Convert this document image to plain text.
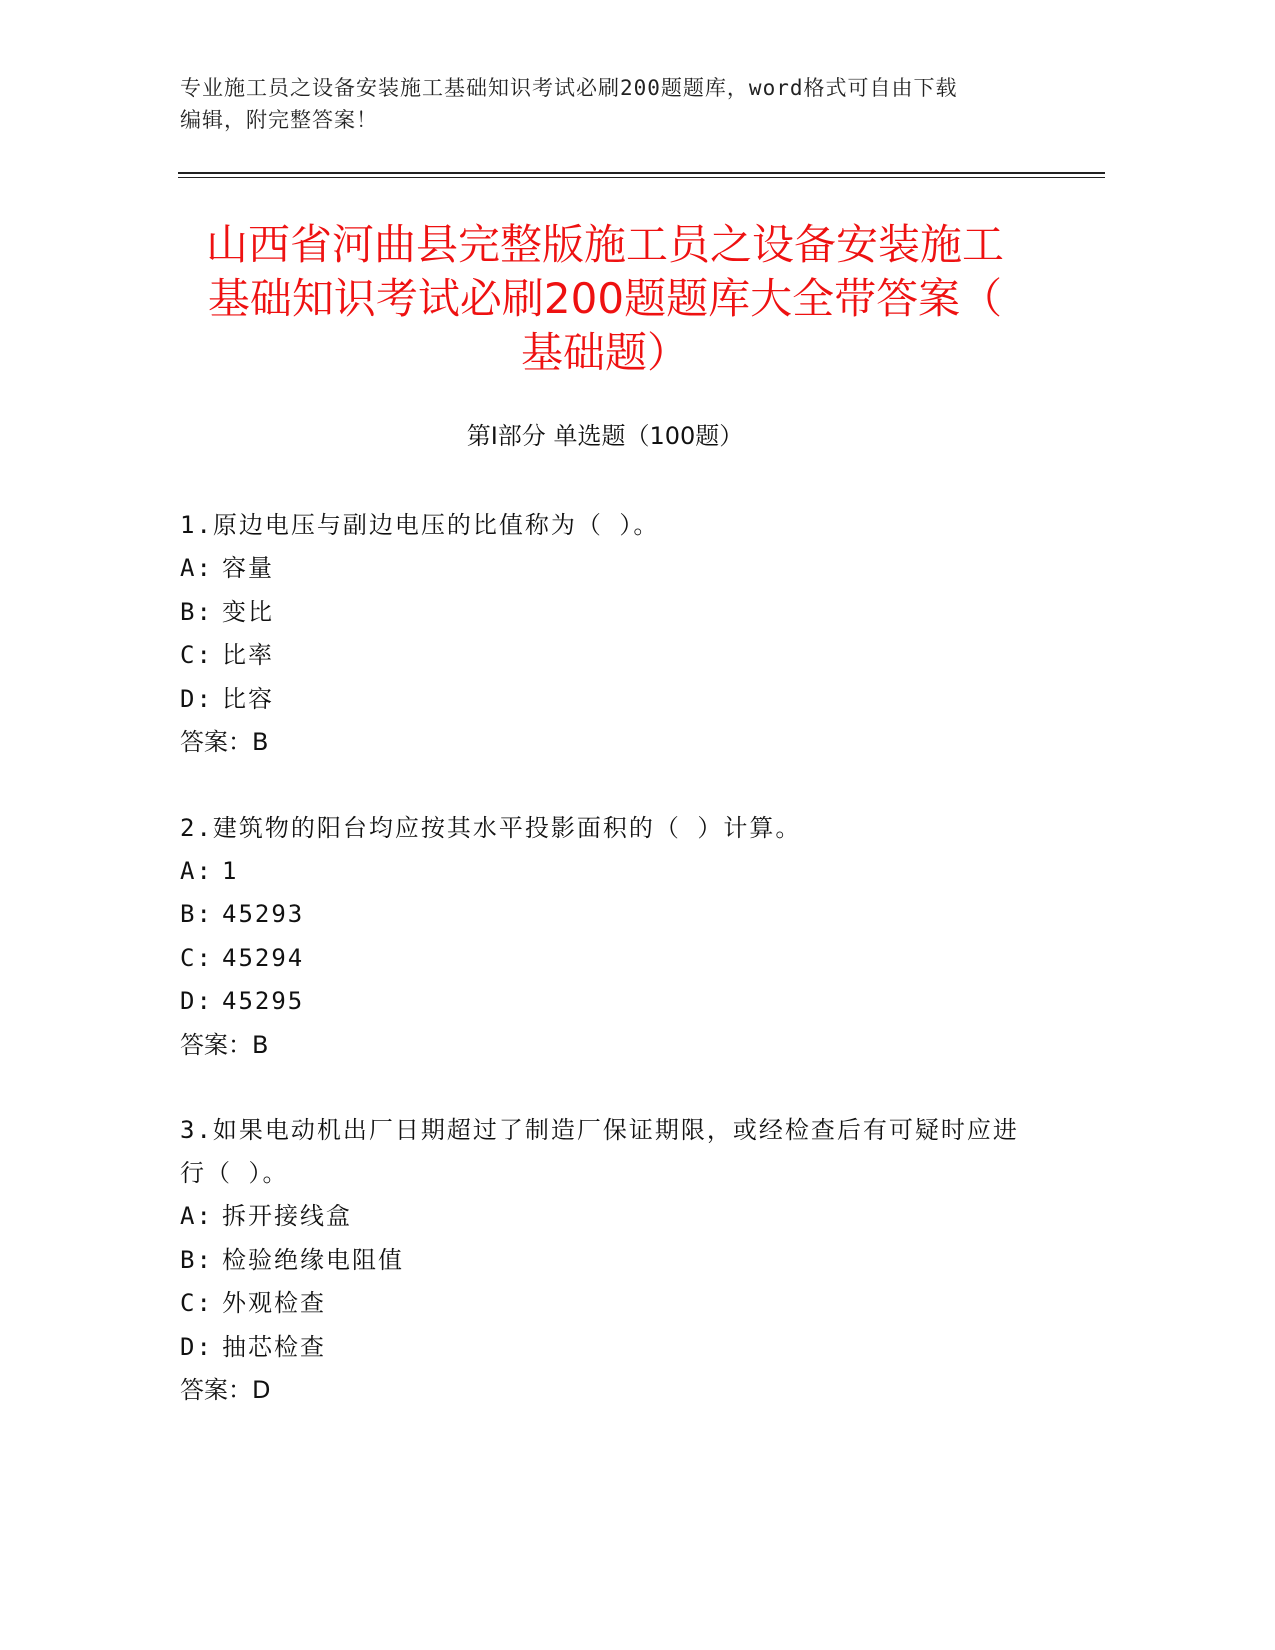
专业施工员之设备安装施工基础知识考试必刷200题题库，word格式可自由下载
编辑，附完整答案！
山西省河曲县完整版施工员之设备安装施工
基础知识考试必刷200题题库大全带答案（
基础题）
第Ⅰ部分 单选题（100题）
1.原边电压与副边电压的比值称为（ ）。
A: 容量
B: 变比
C: 比率
D: 比容
答案：B
2.建筑物的阳台均应按其水平投影面积的（ ）计算。
A: 1
B: 45293
C: 45294
D: 45295
答案：B
3.如果电动机出厂日期超过了制造厂保证期限，或经检查后有可疑时应进行（ ）。
A: 拆开接线盒
B: 检验绝缘电阻值
C: 外观检查
D: 抽芯检查
答案：D
